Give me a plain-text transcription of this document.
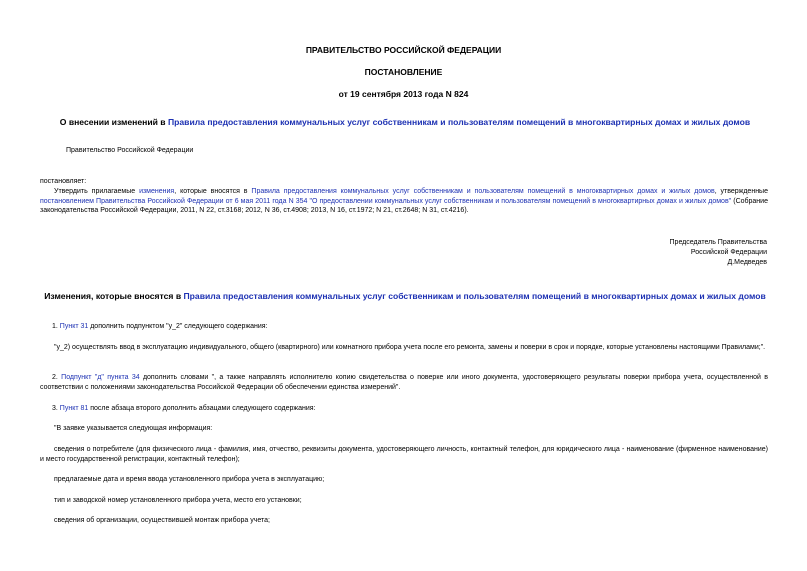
ПРАВИТЕЛЬСТВО РОССИЙСКОЙ ФЕДЕРАЦИИ
ПОСТАНОВЛЕНИЕ
от 19 сентября 2013 года N 824
О внесении изменений в Правила предоставления коммунальных услуг собственникам и пользователям помещений в многоквартирных домах и жилых домов
Правительство Российской Федерации
постановляет:
Утвердить прилагаемые изменения, которые вносятся в Правила предоставления коммунальных услуг собственникам и пользователям помещений в многоквартирных домах и жилых домов, утвержденные постановлением Правительства Российской Федерации от 6 мая 2011 года N 354 "О предоставлении коммунальных услуг собственникам и пользователям помещений в многоквартирных домах и жилых домов" (Собрание законодательства Российской Федерации, 2011, N 22, ст.3168; 2012, N 36, ст.4908; 2013, N 16, ст.1972; N 21, ст.2648; N 31, ст.4216).
Председатель Правительства
Российской Федерации
Д.Медведев
Изменения, которые вносятся в Правила предоставления коммунальных услуг собственникам и пользователям помещений в многоквартирных домах и жилых домов
1. Пункт 31 дополнить подпунктом "у_2" следующего содержания:
"у_2) осуществлять ввод в эксплуатацию индивидуального, общего (квартирного) или комнатного прибора учета после его ремонта, замены и поверки в срок и порядке, которые установлены настоящими Правилами;".
2. Подпункт "д" пункта 34 дополнить словами ", а также направлять исполнителю копию свидетельства о поверке или иного документа, удостоверяющего результаты поверки прибора учета, осуществленной в соответствии с положениями законодательства Российской Федерации об обеспечении единства измерений".
3. Пункт 81 после абзаца второго дополнить абзацами следующего содержания:
"В заявке указывается следующая информация:
сведения о потребителе (для физического лица - фамилия, имя, отчество, реквизиты документа, удостоверяющего личность, контактный телефон, для юридического лица - наименование (фирменное наименование) и место государственной регистрации, контактный телефон);
предлагаемые дата и время ввода установленного прибора учета в эксплуатацию;
тип и заводской номер установленного прибора учета, место его установки;
сведения об организации, осуществившей монтаж прибора учета;
